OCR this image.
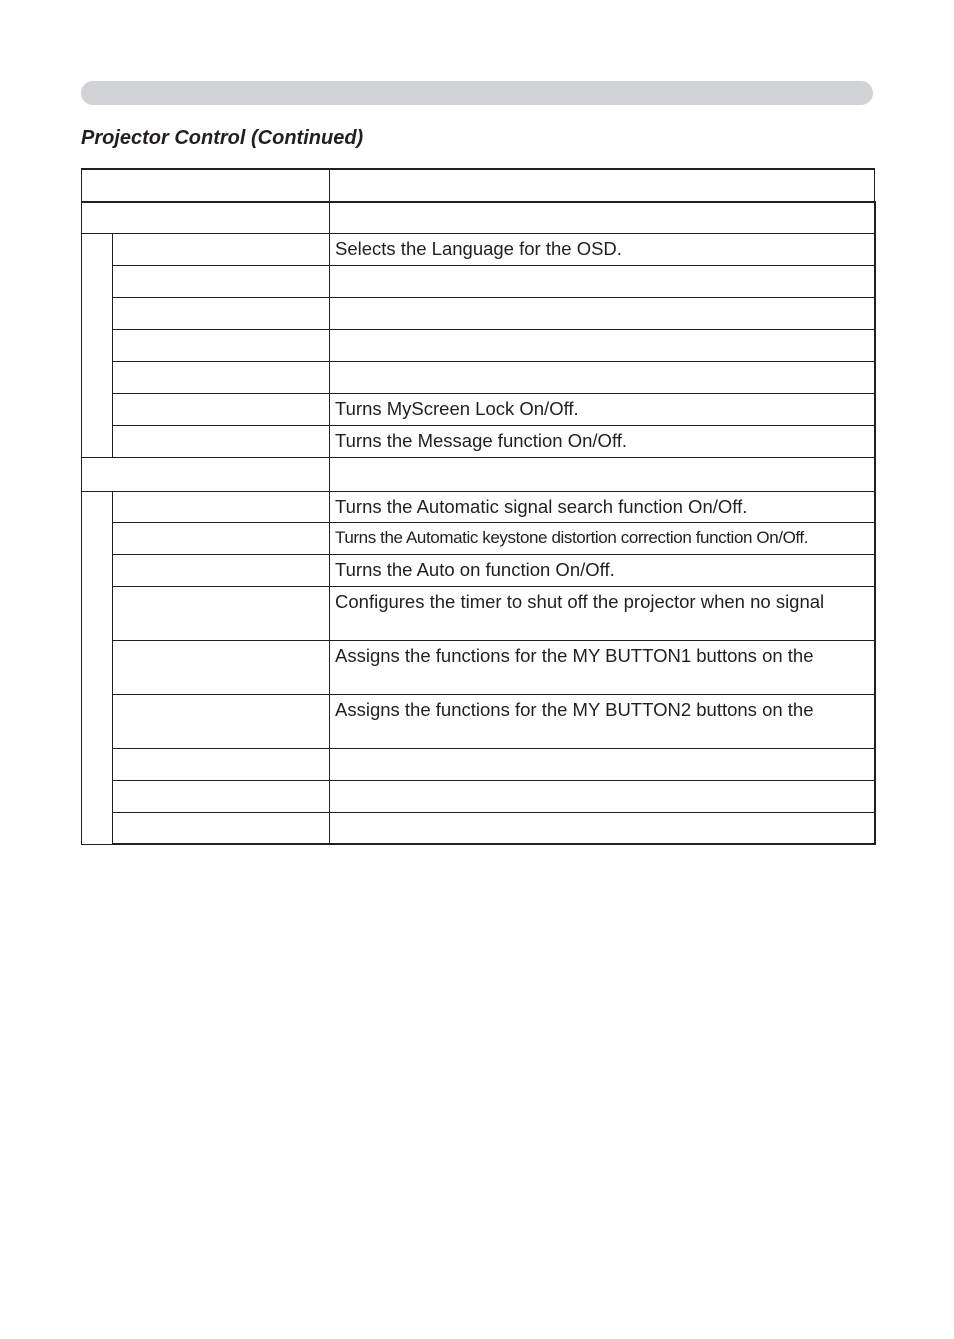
Projector Control (Continued)

		Selects the Language for the OSD.

		Turns MyScreen Lock On/Off.
		Turns the Message function On/Off.

		Turns the Automatic signal search function On/Off.
		Turns the Automatic keystone distortion correction function On/Off.
		Turns the Auto on function On/Off.
		Configures the timer to shut off the projector when no signal
		Assigns the functions for the MY BUTTON1 buttons on the
		Assigns the functions for the MY BUTTON2 buttons on the
